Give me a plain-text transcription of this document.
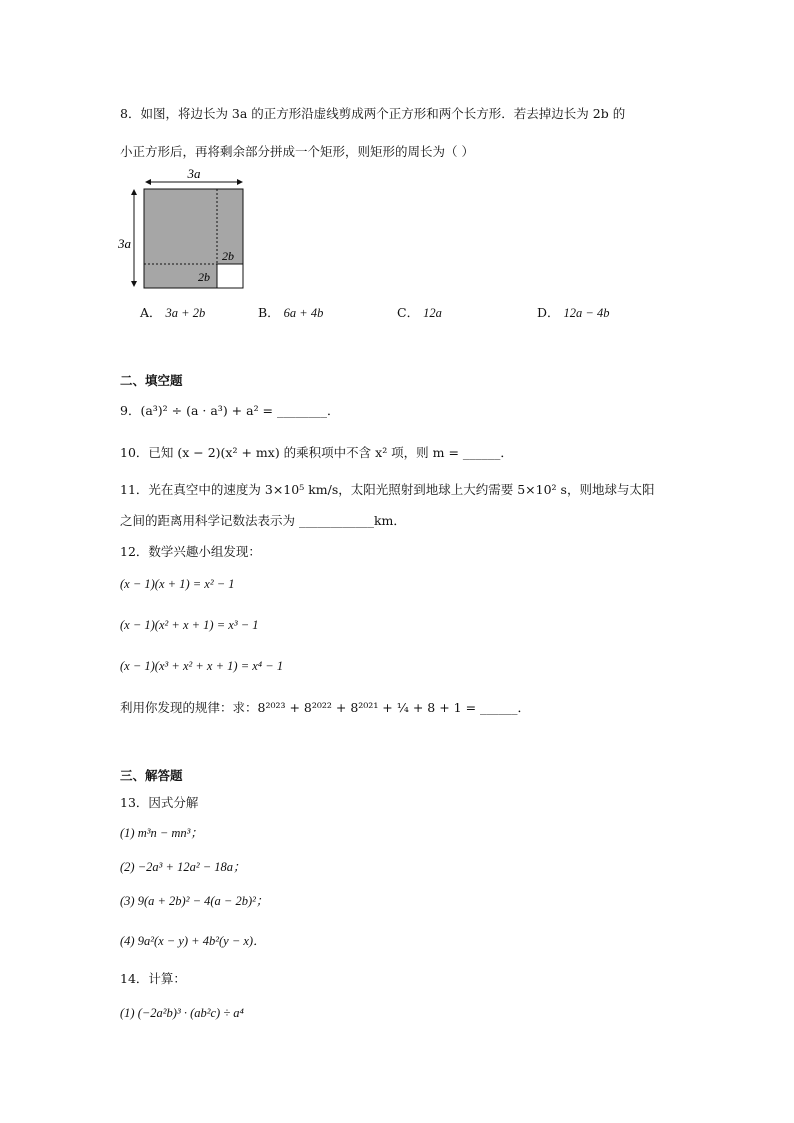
8．如图，将边长为 3a 的正方形沿虚线剪成两个正方形和两个长方形．若去掉边长为 2b 的
小正方形后，再将剩余部分拼成一个矩形，则矩形的周长为（ ）
3a
3a
2b
2b
A． 3a + 2b	B． 6a + 4b	C． 12a	D． 12a − 4b
二、填空题
9．(a³)² ÷ (a · a³) + a² = ________．
10．已知 (x − 2)(x² + mx) 的乘积项中不含 x² 项，则 m = ______．
11．光在真空中的速度为 3×10⁵ km/s，太阳光照射到地球上大约需要 5×10² s，则地球与太阳
之间的距离用科学记数法表示为 ____________km．
12．数学兴趣小组发现：
(x − 1)(x + 1) = x² − 1
(x − 1)(x² + x + 1) = x³ − 1
(x − 1)(x³ + x² + x + 1) = x⁴ − 1
利用你发现的规律：求：8²⁰²³ + 8²⁰²² + 8²⁰²¹ + ¼ + 8 + 1 = ______．
三、解答题
13．因式分解
(1) m³n − mn³；
(2) −2a³ + 12a² − 18a；
(3) 9(a + 2b)² − 4(a − 2b)²；
(4) 9a²(x − y) + 4b²(y − x)．
14．计算：
(1) (−2a²b)³ · (ab²c) ÷ a⁴
